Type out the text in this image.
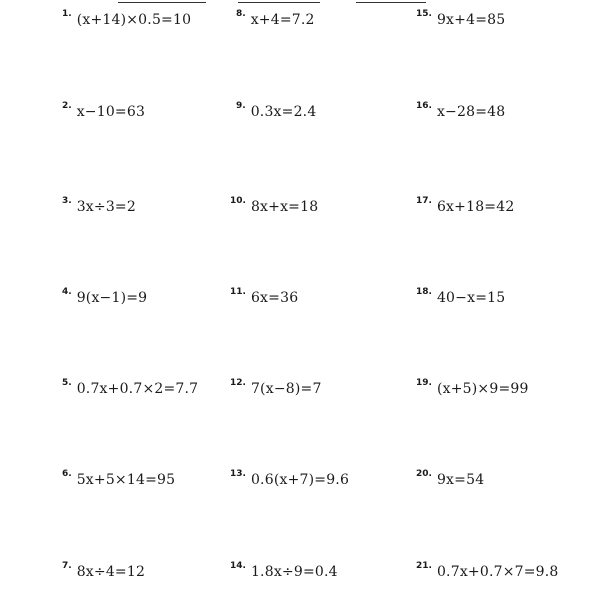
1. (x+14)×0.5=10
2. x−10=63
3. 3x÷3=2
4. 9(x−1)=9
5. 0.7x+0.7×2=7.7
6. 5x+5×14=95
7. 8x÷4=12
8. x+4=7.2
9. 0.3x=2.4
10. 8x+x=18
11. 6x=36
12. 7(x−8)=7
13. 0.6(x+7)=9.6
14. 1.8x÷9=0.4
15. 9x+4=85
16. x−28=48
17. 6x+18=42
18. 40−x=15
19. (x+5)×9=99
20. 9x=54
21. 0.7x+0.7×7=9.8
